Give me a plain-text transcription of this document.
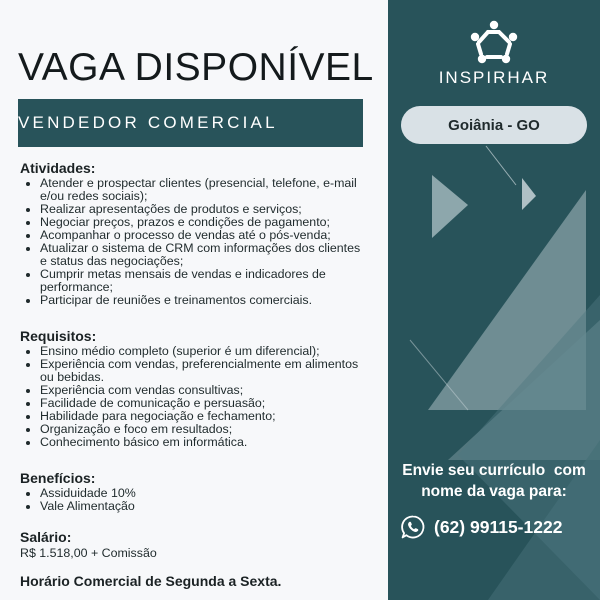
VAGA DISPONÍVEL
VENDEDOR COMERCIAL
Atividades:
• Atender e prospectar clientes (presencial, telefone, e-mail e/ou redes sociais);
• Realizar apresentações de produtos e serviços;
• Negociar preços, prazos e condições de pagamento;
• Acompanhar o processo de vendas até o pós-venda;
• Atualizar o sistema de CRM com informações dos clientes e status das negociações;
• Cumprir metas mensais de vendas e indicadores de performance;
• Participar de reuniões e treinamentos comerciais.
Requisitos:
• Ensino médio completo (superior é um diferencial);
• Experiência com vendas, preferencialmente em alimentos ou bebidas.
• Experiência com vendas consultivas;
• Facilidade de comunicação e persuasão;
• Habilidade para negociação e fechamento;
• Organização e foco em resultados;
• Conhecimento básico em informática.
Benefícios:
• Assiduidade 10%
• Vale Alimentação
Salário:

R$ 1.518,00 + Comissão

Horário Comercial de Segunda a Sexta.

INSPIRHAR
Goiânia - GO
Envie seu currículo  com
nome da vaga para:
(62) 99115-1222
